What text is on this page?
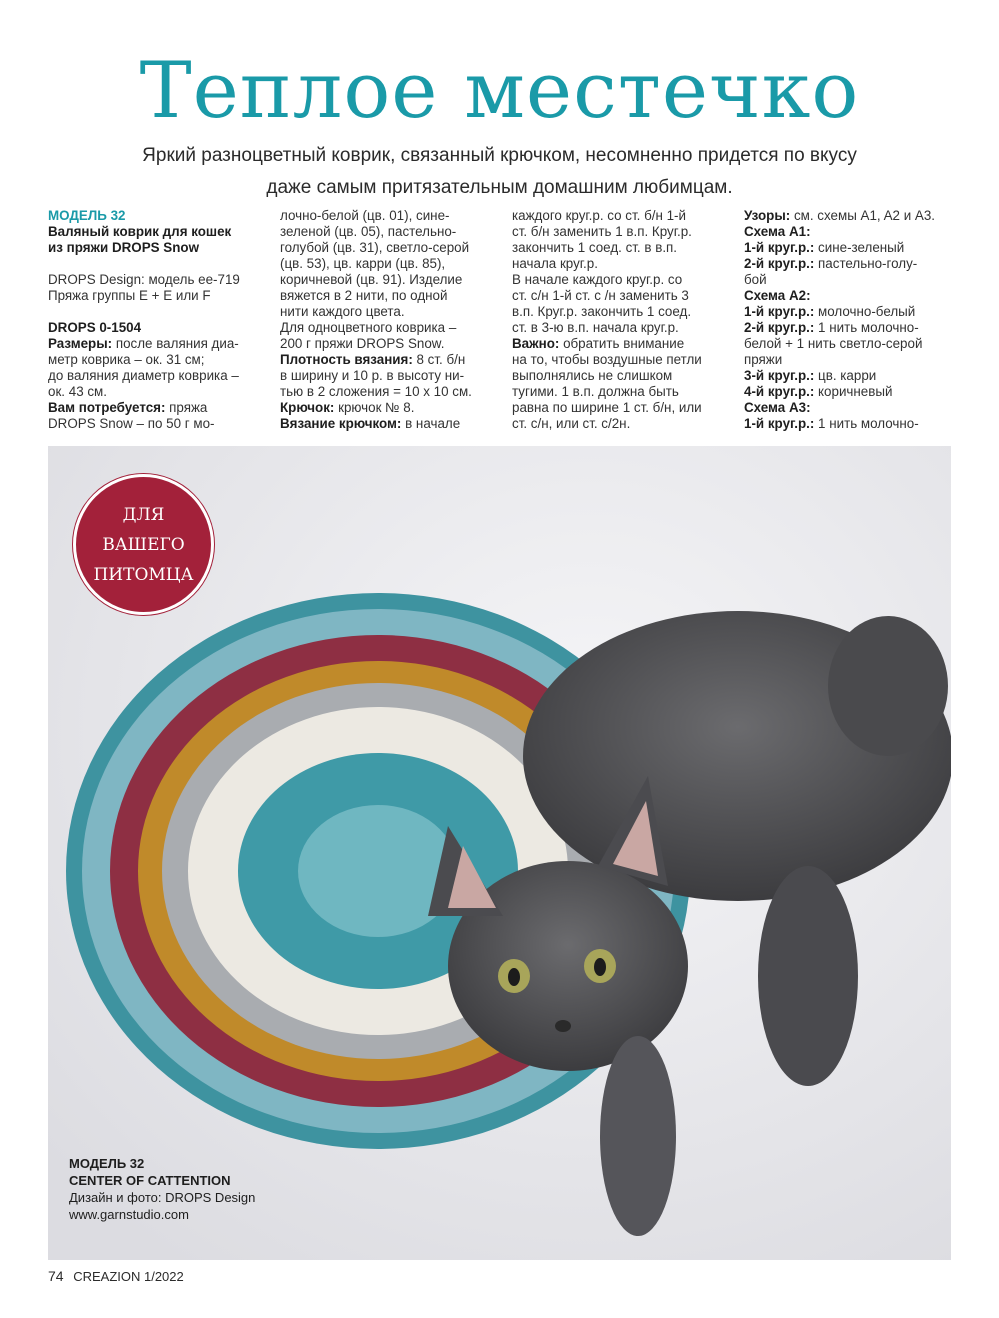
Теплое местечко
Яркий разноцветный коврик, связанный крючком, несомненно придется по вкусу
даже самым притязательным домашним любимцам.

МОДЕЛЬ 32

Валяный коврик для кошек

из пряжи DROPS Snow

DROPS Design: модель ee-719

Пряжа группы E + E или F

DROPS 0-1504

Размеры: после валяния диа-

метр коврика – ок. 31 см;

до валяния диаметр коврика –

ок. 43 см.

Вам потребуется: пряжа

DROPS Snow – по 50 г мо-

лочно-белой (цв. 01), сине-

зеленой (цв. 05), пастельно-

голубой (цв. 31), светло-серой

(цв. 53), цв. карри (цв. 85),

коричневой (цв. 91). Изделие

вяжется в 2 нити, по одной

нити каждого цвета.

Для одноцветного коврика –

200 г пряжи DROPS Snow.

Плотность вязания: 8 ст. б/н

в ширину и 10 р. в высоту ни-

тью в 2 сложения = 10 x 10 см.

Крючок: крючок № 8.

Вязание крючком: в начале

каждого круг.р. со ст. б/н 1-й

ст. б/н заменить 1 в.п. Круг.р.

закончить 1 соед. ст. в в.п.

начала круг.р.

В начале каждого круг.р. со

ст. с/н 1-й ст. с /н заменить 3

в.п. Круг.р. закончить 1 соед.

ст. в 3-ю в.п. начала круг.р.

Важно: обратить внимание

на то, чтобы воздушные петли

выполнялись не слишком

тугими. 1 в.п. должна быть

равна по ширине 1 ст. б/н, или

ст. с/н, или ст. с/2н.

Узоры: см. схемы A1, A2 и A3.

Схема A1:

1-й круг.р.: сине-зеленый

2-й круг.р.: пастельно-голу-

бой

Схема A2:

1-й круг.р.: молочно-белый

2-й круг.р.: 1 нить молочно-

белой + 1 нить светло-серой

пряжи

3-й круг.р.: цв. карри

4-й круг.р.: коричневый

Схема A3:

1-й круг.р.: 1 нить молочно-

ДЛЯ
ВАШЕГО
ПИТОМЦА
МОДЕЛЬ 32
CENTER OF CATTENTION
Дизайн и фото: DROPS Design
www.garnstudio.com
74 CREAZION 1/2022
